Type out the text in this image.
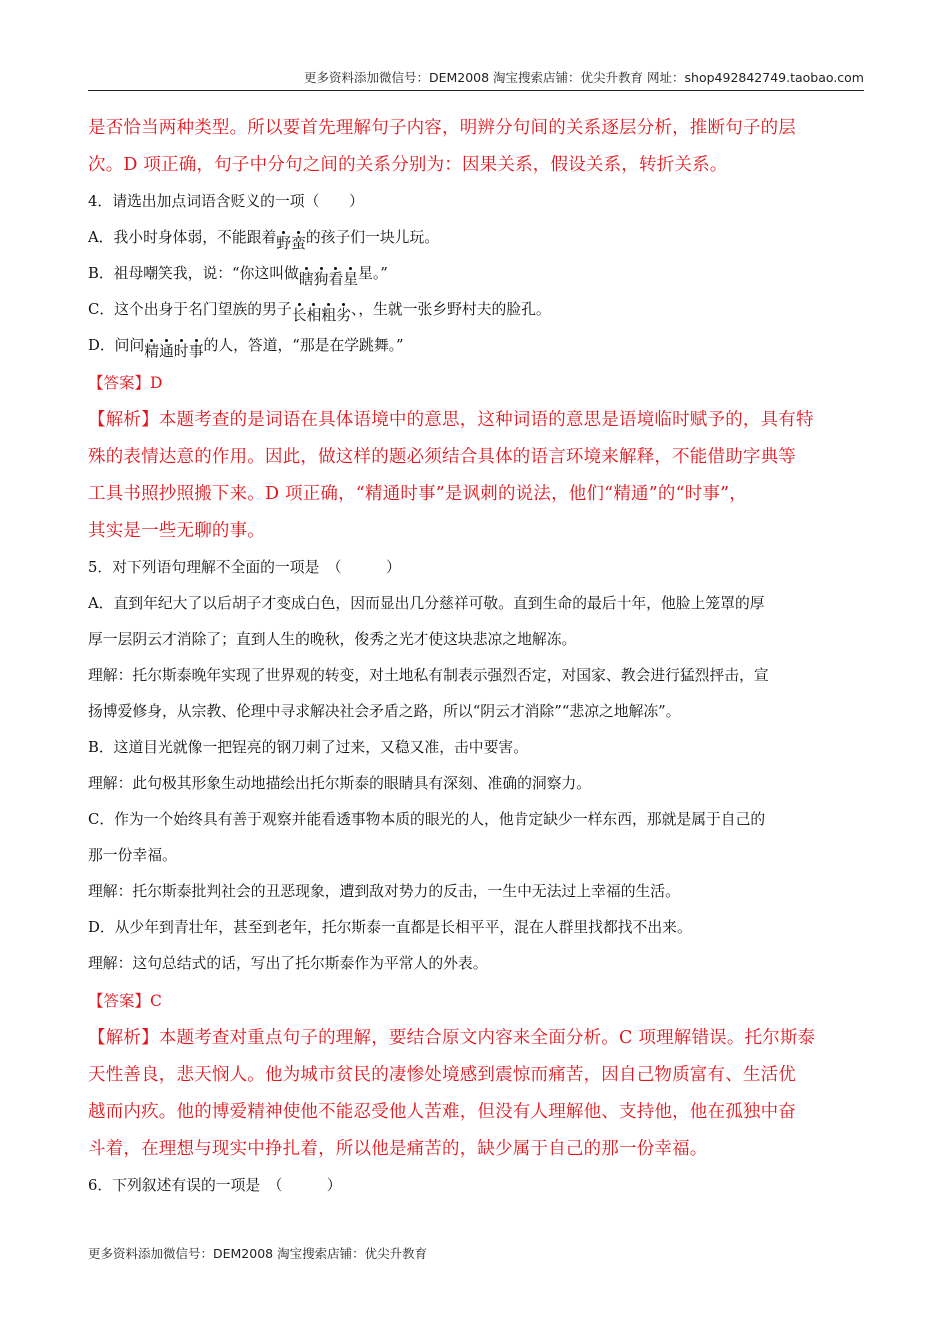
更多资料添加微信号：DEM2008 淘宝搜索店铺：优尖升教育 网址：shop492842749.taobao.com
是否恰当两种类型。所以要首先理解句子内容，明辨分句间的关系逐层分析，推断句子的层
次。D 项正确，句子中分句之间的关系分别为：因果关系，假设关系，转折关系。
4．请选出加点词语含贬义的一项（　　）
A．我小时身体弱，不能跟着野蛮的孩子们一块儿玩。
B．祖母嘲笑我，说：“你这叫做瞎狗看星星。”
C．这个出身于名门望族的男子长相粗劣、，生就一张乡野村夫的脸孔。
D．问问精通时事的人，答道，“那是在学跳舞。”
【答案】D
【解析】本题考查的是词语在具体语境中的意思，这种词语的意思是语境临时赋予的，具有特
殊的表情达意的作用。因此，做这样的题必须结合具体的语言环境来解释，不能借助字典等
工具书照抄照搬下来。D 项正确，“精通时事”是讽刺的说法，他们“精通”的“时事”，
其实是一些无聊的事。
5．对下列语句理解不全面的一项是　（　　　）
A．直到年纪大了以后胡子才变成白色，因而显出几分慈祥可敬。直到生命的最后十年，他脸上笼罩的厚
厚一层阴云才消除了；直到人生的晚秋，俊秀之光才使这块悲凉之地解冻。
理解：托尔斯泰晚年实现了世界观的转变，对土地私有制表示强烈否定，对国家、教会进行猛烈抨击，宣
扬博爱修身，从宗教、伦理中寻求解决社会矛盾之路，所以“阴云才消除”“悲凉之地解冻”。
B．这道目光就像一把锃亮的钢刀刺了过来，又稳又准，击中要害。
理解：此句极其形象生动地描绘出托尔斯泰的眼睛具有深刻、准确的洞察力。
C．作为一个始终具有善于观察并能看透事物本质的眼光的人，他肯定缺少一样东西，那就是属于自己的
那一份幸福。
理解：托尔斯泰批判社会的丑恶现象，遭到敌对势力的反击，一生中无法过上幸福的生活。
D．从少年到青壮年，甚至到老年，托尔斯泰一直都是长相平平，混在人群里找都找不出来。
理解：这句总结式的话，写出了托尔斯泰作为平常人的外表。
【答案】C
【解析】本题考查对重点句子的理解，要结合原文内容来全面分析。C 项理解错误。托尔斯泰
天性善良，悲天悯人。他为城市贫民的凄惨处境感到震惊而痛苦，因自己物质富有、生活优
越而内疚。他的博爱精神使他不能忍受他人苦难，但没有人理解他、支持他，他在孤独中奋
斗着，在理想与现实中挣扎着，所以他是痛苦的，缺少属于自己的那一份幸福。
6．下列叙述有误的一项是　（　　　）
更多资料添加微信号：DEM2008 淘宝搜索店铺：优尖升教育
